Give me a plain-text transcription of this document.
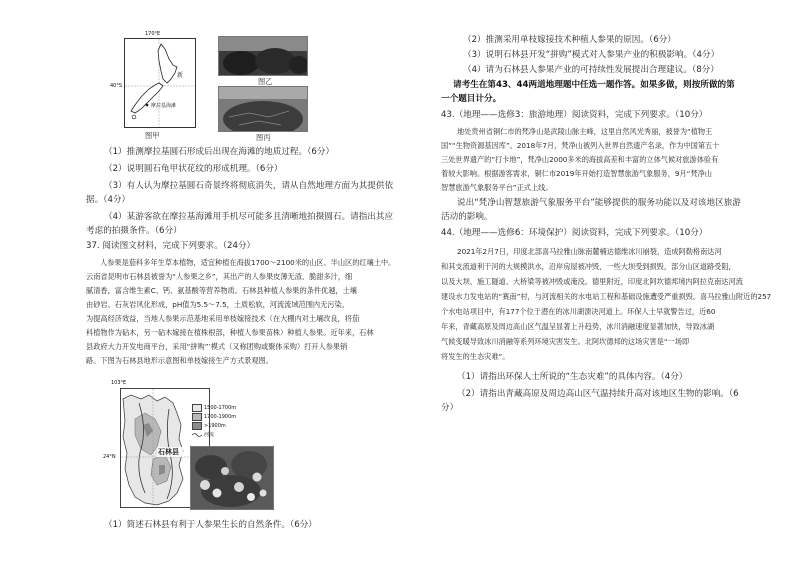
170°E
40°S
新
摩拉基海滩
图甲
图乙
图丙
（1）推测摩拉基圆石形成后出现在海滩的地质过程。（6分）
（2）说明圆石龟甲状花纹的形成机理。（6分）
（3）有人认为摩拉基圆石奇景终将彻底消失，请从自然地理方面为其提供依
据。（4分）
（4）某游客欲在摩拉基海滩用手机尽可能多且清晰地拍摄圆石。请指出其应
考虑的拍摄条件。（6分）
37. 阅读图文材料，完成下列要求。（24分）
人参果是茄科多年生草本植物，适宜种植在海拔1700～2100米的山区、半山区的红壤土中。
云南省昆明市石林县被誉为“人参果之乡”，其出产的人参果皮薄无渣、脆甜多汁，细
腻清香，富含维生素C、钙、氨基酸等营养物质。石林县种植人参果的条件优越，土壤
由砂岩、石灰岩风化形成，pH值为5.5～7.5，土质松软，河流流域范围内无污染。
为提高经济效益，当地人参果示范基地采用单枝嫁接技术（在大棚内对土壤改良，将茄
科植物作为砧木，另一砧木嫁接在植株根部，种植人参果苗株）种植人参果。近年来，石林
县政府大力开发电商平台，采用“拼购”’模式（又称团购或聚体采购）打开人参果销
路。下图为石林县地形示意图和单枝嫁接生产方式景观图。
103°E
24°N
石林县
1500-1700m
1700-1900m
>1900m
河流
（1）简述石林县有利于人参果生长的自然条件。（6分）
（2）推测采用单枝嫁接技术种植人参果的原因。（6分）
（3）说明石林县开发“拼购”模式对人参果产业的积极影响。（4分）
（4）请为石林县人参果产业的可持续性发展提出合理建议。（8分）
请考生在第43、44两道地理题中任选一题作答。如果多做，则按所做的第
一个题目计分。
43.（地理——选修3：旅游地理）阅读资料，完成下列要求。（10分）
地处贵州省铜仁市的梵净山是武陵山脉主峰，这里自然风光秀丽，被誉为“植物王
国”“生物资源基因库”。2018年7月，梵净山被列入世界自然遗产名录，作为中国第五十
三处世界遗产的“打卡地”，梵净山2000多米的海拔高差和丰富的立体气候对旅游体验有
着较大影响。根据游客需求，铜仁市2019年开始打造智慧旅游气象服务，9月“梵净山
智慧旅游气象服务平台”正式上线。
说出“梵净山智慧旅游气象服务平台”能够提供的服务功能以及对该地区旅游
活动的影响。
44.（地理——选修6：环境保护）阅读资料，完成下列要求。（10分）
2021年2月7日，印度北部喜马拉雅山脉南麓楠达德维冰川崩裂，造成阿勒格南达河
和其支流道利干河的大规模洪水，沿岸房屋被冲毁，一些大坝受到损毁，部分山区道路受阻，
以及大坝、施工隧道、大桥梁等被冲毁或淹没。德里附近，印度北阿坎德邦境内阿拉克南达河流
建设水力发电站的“赛南”村，与河流相关的水电站工程和基础设施遭受严重损毁。喜马拉雅山附近的257
个水电站项目中，有177个位于潜在的冰川湖溃决河道上。环保人士早就警告过，近60
年来，青藏高原及周边高山区气温呈显著上升趋势，冰川消融速度显著加快，导致冰湖
气候变暖导致冰川消融等系列环境灾害发生。北阿坎德邦的这场灾害是“一场即
将发生的生态灾难”。
（1）请指出环保人士所说的“生态灾难”的具体内容。（4分）
（2）请指出青藏高原及周边高山区气温持续升高对该地区生物的影响。（6
分）
